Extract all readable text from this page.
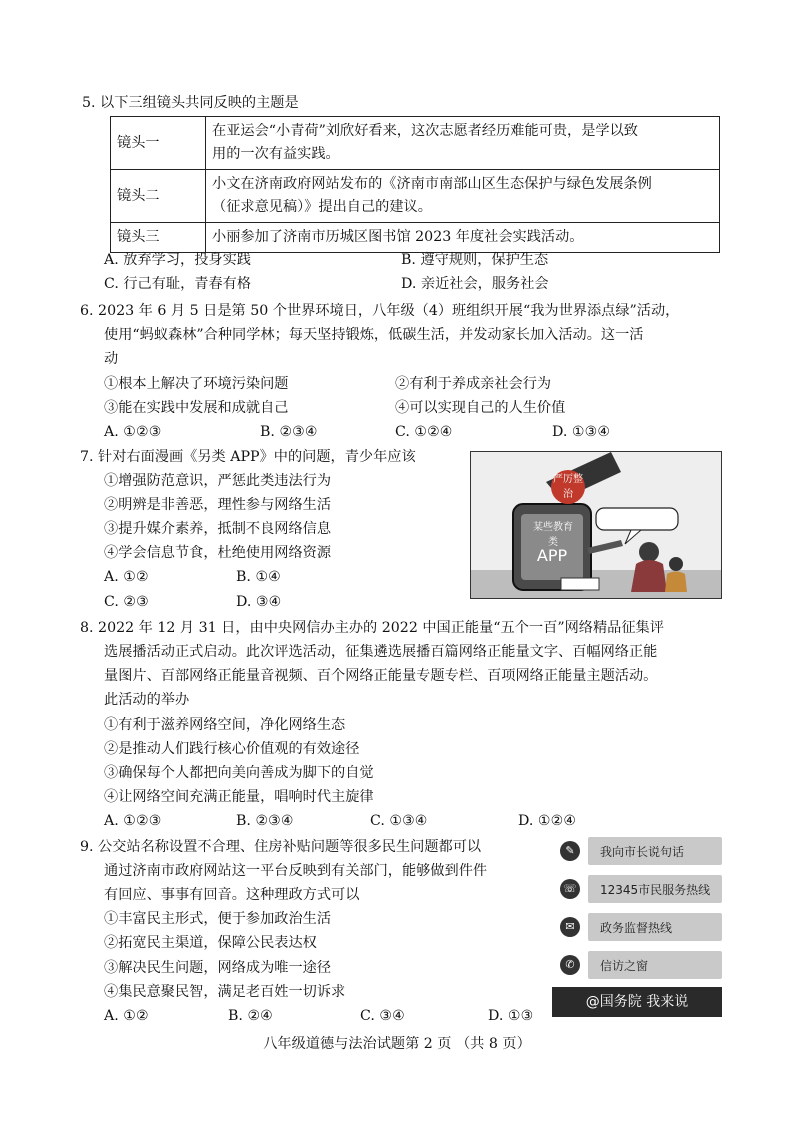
5. 以下三组镜头共同反映的主题是
镜头一	在亚运会“小青荷”刘欣好看来，这次志愿者经历难能可贵，是学以致
用的一次有益实践。
镜头二	小文在济南政府网站发布的《济南市南部山区生态保护与绿色发展条例
（征求意见稿）》提出自己的建议。
镜头三	小丽参加了济南市历城区图书馆 2023 年度社会实践活动。
A. 放弃学习，投身实践	B. 遵守规则，保护生态
C. 行己有耻，青春有格	D. 亲近社会，服务社会
6. 2023 年 6 月 5 日是第 50 个世界环境日，八年级（4）班组织开展“我为世界添点绿”活动，
使用“蚂蚁森林”合种同学林；每天坚持锻炼，低碳生活，并发动家长加入活动。这一活
动
①根本上解决了环境污染问题	②有利于养成亲社会行为
③能在实践中发展和成就自己	④可以实现自己的人生价值
A. ①②③	B. ②③④	C. ①②④	D. ①③④
7. 针对右面漫画《另类 APP》中的问题，青少年应该
①增强防范意识，严惩此类违法行为
②明辨是非善恶，理性参与网络生活
③提升媒介素养，抵制不良网络信息
④学会信息节食，杜绝使用网络资源
A. ①②	B. ①④
C. ②③	D. ③④
严厉整治
某些教育类
APP
8. 2022 年 12 月 31 日，由中央网信办主办的 2022 中国正能量“五个一百”网络精品征集评
选展播活动正式启动。此次评选活动，征集遴选展播百篇网络正能量文字、百幅网络正能
量图片、百部网络正能量音视频、百个网络正能量专题专栏、百项网络正能量主题活动。
此活动的举办
①有利于滋养网络空间，净化网络生态
②是推动人们践行核心价值观的有效途径
③确保每个人都把向美向善成为脚下的自觉
④让网络空间充满正能量，唱响时代主旋律
A. ①②③	B. ②③④	C. ①③④	D. ①②④
9. 公交站名称设置不合理、住房补贴问题等很多民生问题都可以
通过济南市政府网站这一平台反映到有关部门，能够做到件件
有回应、事事有回音。这种理政方式可以
①丰富民主形式，便于参加政治生活
②拓宽民主渠道，保障公民表达权
③解决民生问题，网络成为唯一途径
④集民意聚民智，满足老百姓一切诉求
A. ①②	B. ②④	C. ③④	D. ①③
✎	我向市长说句话
☏ 12345市民服务热线
✉	政务监督热线
✆	信访之窗
@国务院 我来说
八年级道德与法治试题第 2 页 （共 8 页）
